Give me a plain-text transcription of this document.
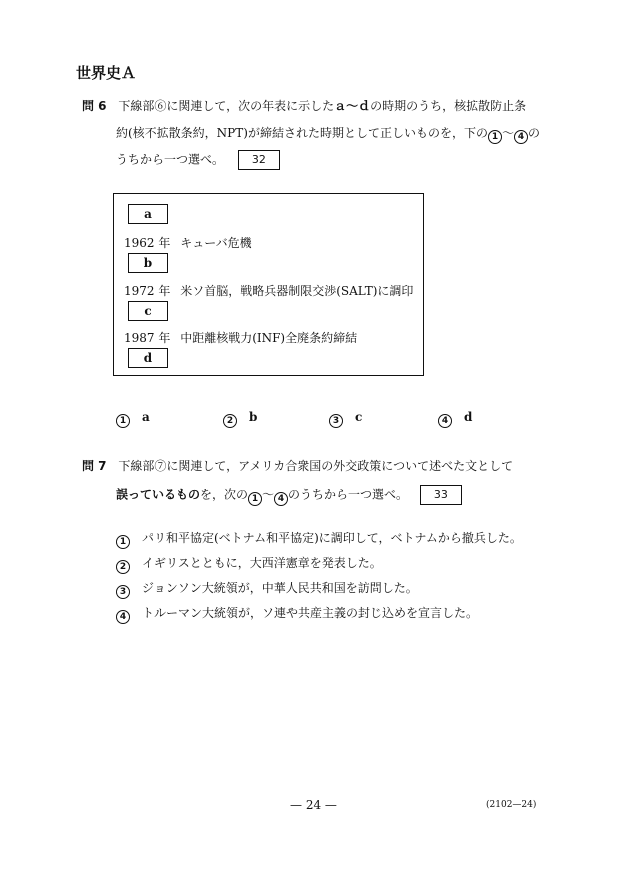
世界史Ａ
問 6 下線部⑥に関連して，次の年表に示したａ～ｄの時期のうち，核拡散防止条
約(核不拡散条約，NPT)が締結された時期として正しいものを，下の 1 ～ 4 の
うちから一つ選べ。	32
a
1962 年 キューバ危機
b
1972 年 米ソ首脳，戦略兵器制限交渉(SALT)に調印
c
1987 年 中距離核戦力(INF)全廃条約締結
d
1 a	2 b	3 c	4 d
問 7 下線部⑦に関連して，アメリカ合衆国の外交政策について述べた文として
誤っているものを，次の 1 ～ 4 のうちから一つ選べ。 33
1 パリ和平協定(ベトナム和平協定)に調印して，ベトナムから撤兵した。
2 イギリスとともに，大西洋憲章を発表した。
3 ジョンソン大統領が，中華人民共和国を訪問した。
4 トルーマン大統領が，ソ連や共産主義の封じ込めを宣言した。
— 24 —	(2102—24)
